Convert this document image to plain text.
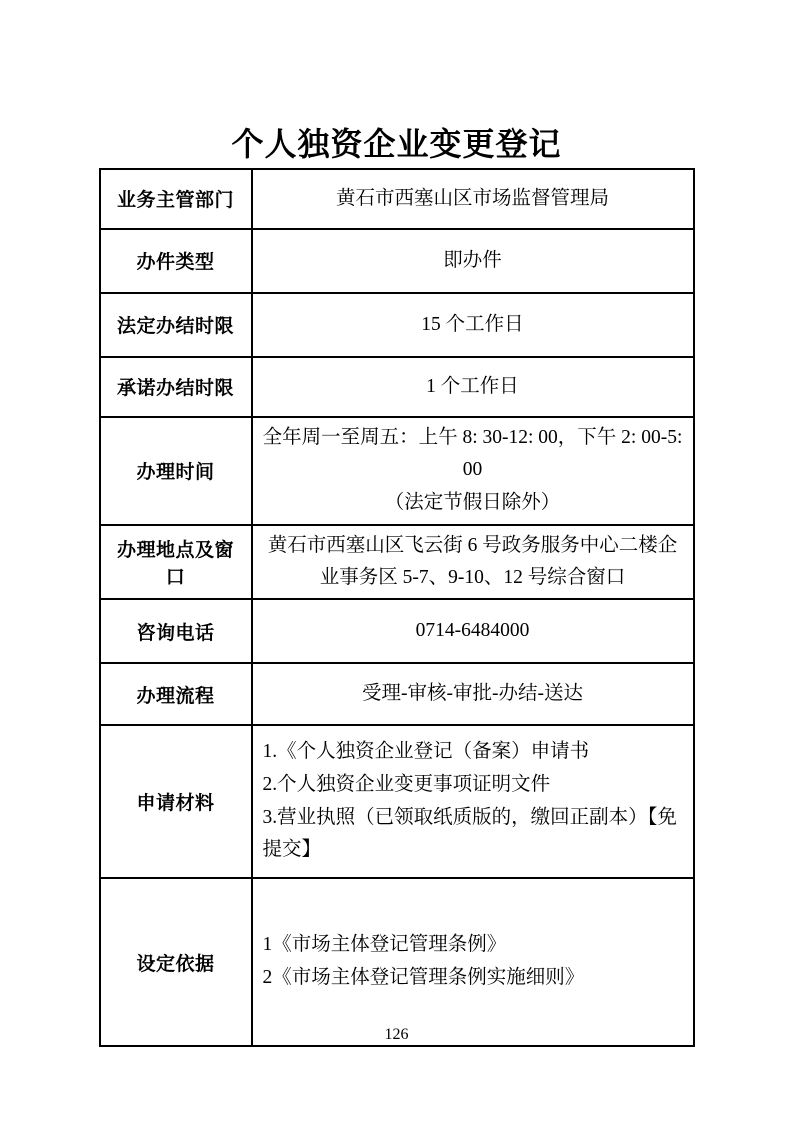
个人独资企业变更登记
业务主管部门	黄石市西塞山区市场监督管理局
办件类型	即办件
法定办结时限	15 个工作日
承诺办结时限	1 个工作日
办理时间	全年周一至周五：上午 8: 30-12: 00，下午 2: 00-5: 00
（法定节假日除外）

办理地点及窗口	黄石市西塞山区飞云街 6 号政务服务中心二楼企业事务区 5-7、9-10、12 号综合窗口
咨询电话	0714-6484000
办理流程	受理-审核-审批-办结-送达
申请材料	1.《个人独资企业登记（备案）申请书
2.个人独资企业变更事项证明文件
3.营业执照（已领取纸质版的，缴回正副本）【免提交】

设定依据	1《市场主体登记管理条例》
2《市场主体登记管理条例实施细则》
126
